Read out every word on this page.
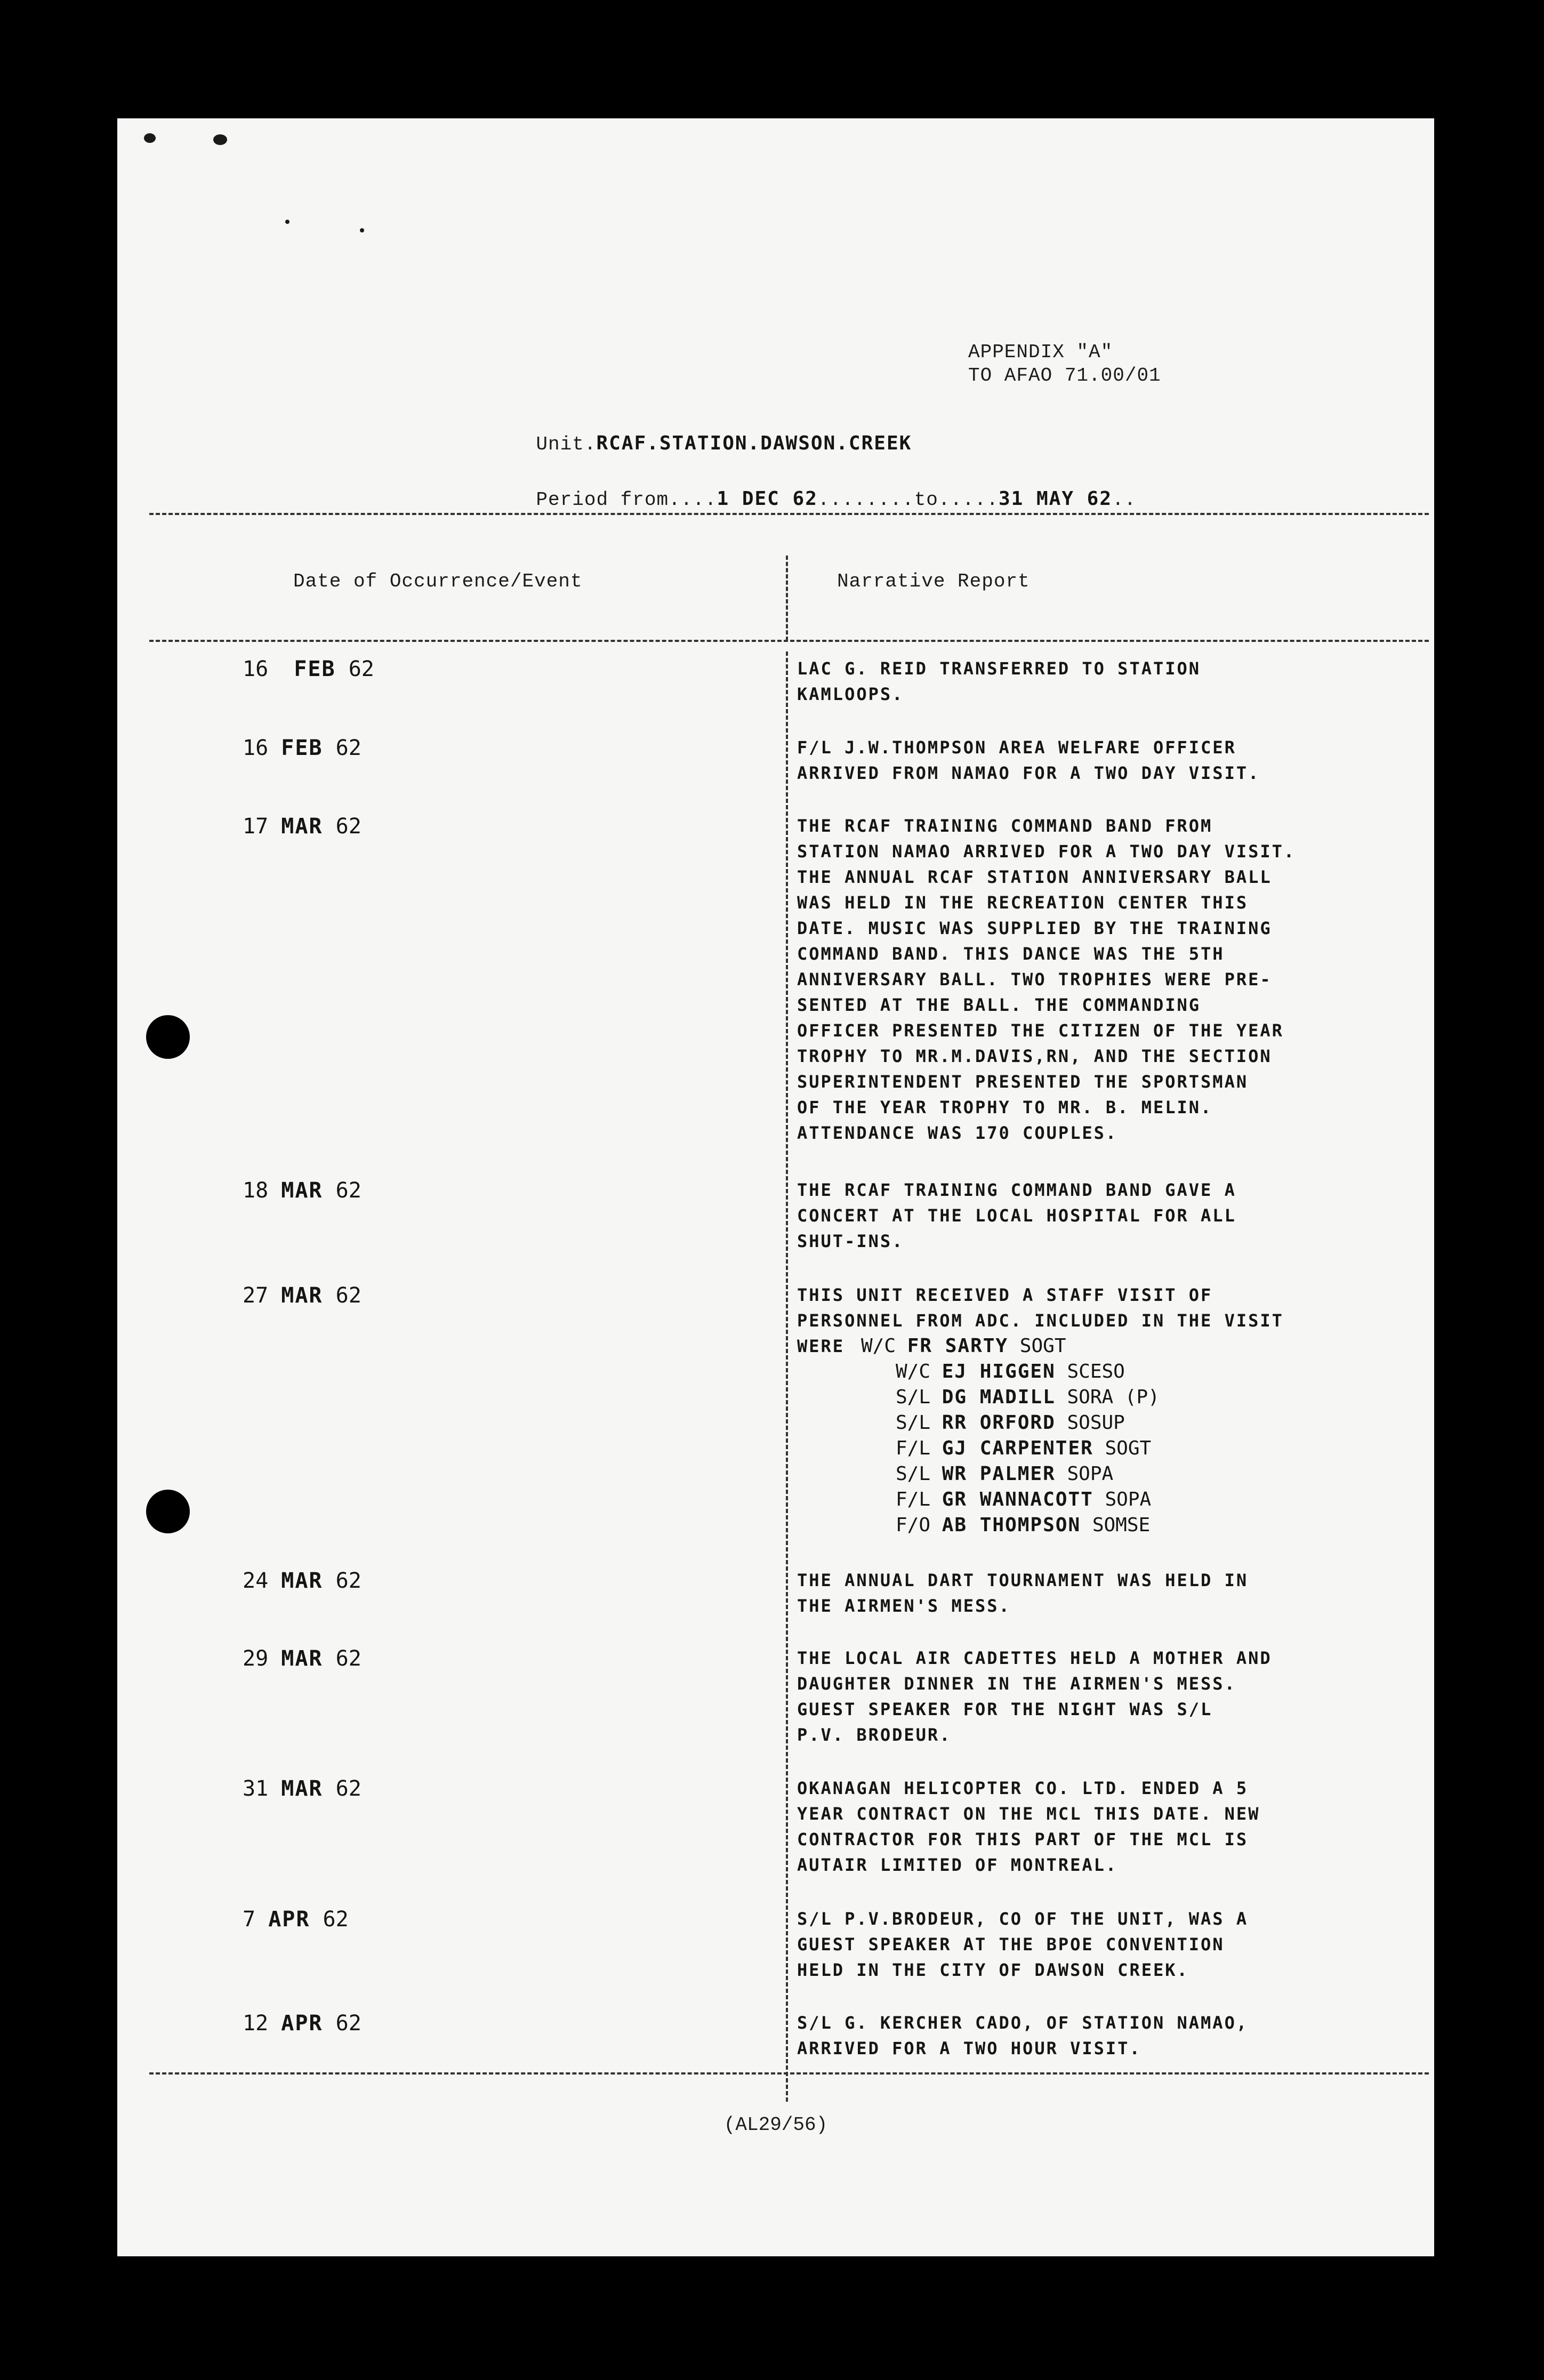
APPENDIX "A"
TO AFAO 71.00/01

Unit.RCAF.STATION.DAWSON.CREEK

Period from....1 DEC 62........to.....31 MAY 62..

Date of Occurrence/Event	Narrative Report
16 FEB 62
16 FEB 62
17 MAR 62
18 MAR 62
27 MAR 62
24 MAR 62
29 MAR 62
31 MAR 62
7 APR 62
12 APR 62
LAC G. REID TRANSFERRED TO STATION
KAMLOOPS.
F/L J.W.THOMPSON AREA WELFARE OFFICER
ARRIVED FROM NAMAO FOR A TWO DAY VISIT.
THE RCAF TRAINING COMMAND BAND FROM
STATION NAMAO ARRIVED FOR A TWO DAY VISIT.
THE ANNUAL RCAF STATION ANNIVERSARY BALL
WAS HELD IN THE RECREATION CENTER THIS
DATE. MUSIC WAS SUPPLIED BY THE TRAINING
COMMAND BAND. THIS DANCE WAS THE 5TH
ANNIVERSARY BALL. TWO TROPHIES WERE PRE-
SENTED AT THE BALL. THE COMMANDING
OFFICER PRESENTED THE CITIZEN OF THE YEAR
TROPHY TO MR.M.DAVIS,RN, AND THE SECTION
SUPERINTENDENT PRESENTED THE SPORTSMAN
OF THE YEAR TROPHY TO MR. B. MELIN.
ATTENDANCE WAS 170 COUPLES.
THE RCAF TRAINING COMMAND BAND GAVE A
CONCERT AT THE LOCAL HOSPITAL FOR ALL
SHUT-INS.
THIS UNIT RECEIVED A STAFF VISIT OF
PERSONNEL FROM ADC. INCLUDED IN THE VISIT
WERE W/C FR SARTY SOGT
W/C EJ HIGGEN SCESO
S/L DG MADILL SORA (P)
S/L RR ORFORD SOSUP
F/L GJ CARPENTER SOGT
S/L WR PALMER SOPA
F/L GR WANNACOTT SOPA
F/O AB THOMPSON SOMSE
THE ANNUAL DART TOURNAMENT WAS HELD IN
THE AIRMEN'S MESS.
THE LOCAL AIR CADETTES HELD A MOTHER AND
DAUGHTER DINNER IN THE AIRMEN'S MESS.
GUEST SPEAKER FOR THE NIGHT WAS S/L
P.V. BRODEUR.
OKANAGAN HELICOPTER CO. LTD. ENDED A 5
YEAR CONTRACT ON THE MCL THIS DATE. NEW
CONTRACTOR FOR THIS PART OF THE MCL IS
AUTAIR LIMITED OF MONTREAL.
S/L P.V.BRODEUR, CO OF THE UNIT, WAS A
GUEST SPEAKER AT THE BPOE CONVENTION
HELD IN THE CITY OF DAWSON CREEK.
S/L G. KERCHER CADO, OF STATION NAMAO,
ARRIVED FOR A TWO HOUR VISIT.
(AL29/56)
